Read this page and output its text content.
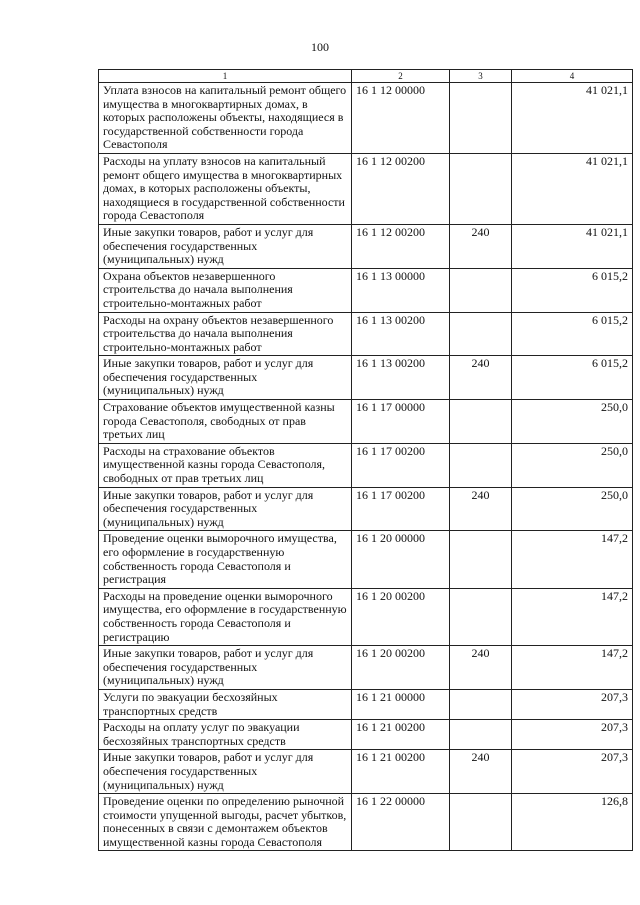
100
1	2	3	4
Уплата взносов на капитальный ремонт общего имущества в многоквартирных домах, в которых расположены объекты, находящиеся в государственной собственности города Севастополя	16 1 12 00000		41 021,1
Расходы на уплату взносов на капитальный ремонт общего имущества в многоквартирных домах, в которых расположены объекты, находящиеся в государственной собственности города Севастополя	16 1 12 00200		41 021,1
Иные закупки товаров, работ и услуг для обеспечения государственных (муниципальных) нужд	16 1 12 00200	240	41 021,1
Охрана объектов незавершенного строительства до начала выполнения строительно-монтажных работ	16 1 13 00000		6 015,2
Расходы на охрану объектов незавершенного строительства до начала выполнения строительно-монтажных работ	16 1 13 00200		6 015,2
Иные закупки товаров, работ и услуг для обеспечения государственных (муниципальных) нужд	16 1 13 00200	240	6 015,2
Страхование объектов имущественной казны города Севастополя, свободных от прав третьих лиц	16 1 17 00000		250,0
Расходы на страхование объектов имущественной казны города Севастополя, свободных от прав третьих лиц	16 1 17 00200		250,0
Иные закупки товаров, работ и услуг для обеспечения государственных (муниципальных) нужд	16 1 17 00200	240	250,0
Проведение оценки выморочного имущества, его оформление в государственную собственность города Севастополя и регистрация	16 1 20 00000		147,2
Расходы на проведение оценки выморочного имущества, его оформление в государственную собственность города Севастополя и регистрацию	16 1 20 00200		147,2
Иные закупки товаров, работ и услуг для обеспечения государственных (муниципальных) нужд	16 1 20 00200	240	147,2
Услуги по эвакуации бесхозяйных транспортных средств	16 1 21 00000		207,3
Расходы на оплату услуг по эвакуации бесхозяйных транспортных средств	16 1 21 00200		207,3
Иные закупки товаров, работ и услуг для обеспечения государственных (муниципальных) нужд	16 1 21 00200	240	207,3
Проведение оценки по определению рыночной стоимости упущенной выгоды, расчет убытков, понесенных в связи с демонтажем объектов имущественной казны города Севастополя	16 1 22 00000		126,8
